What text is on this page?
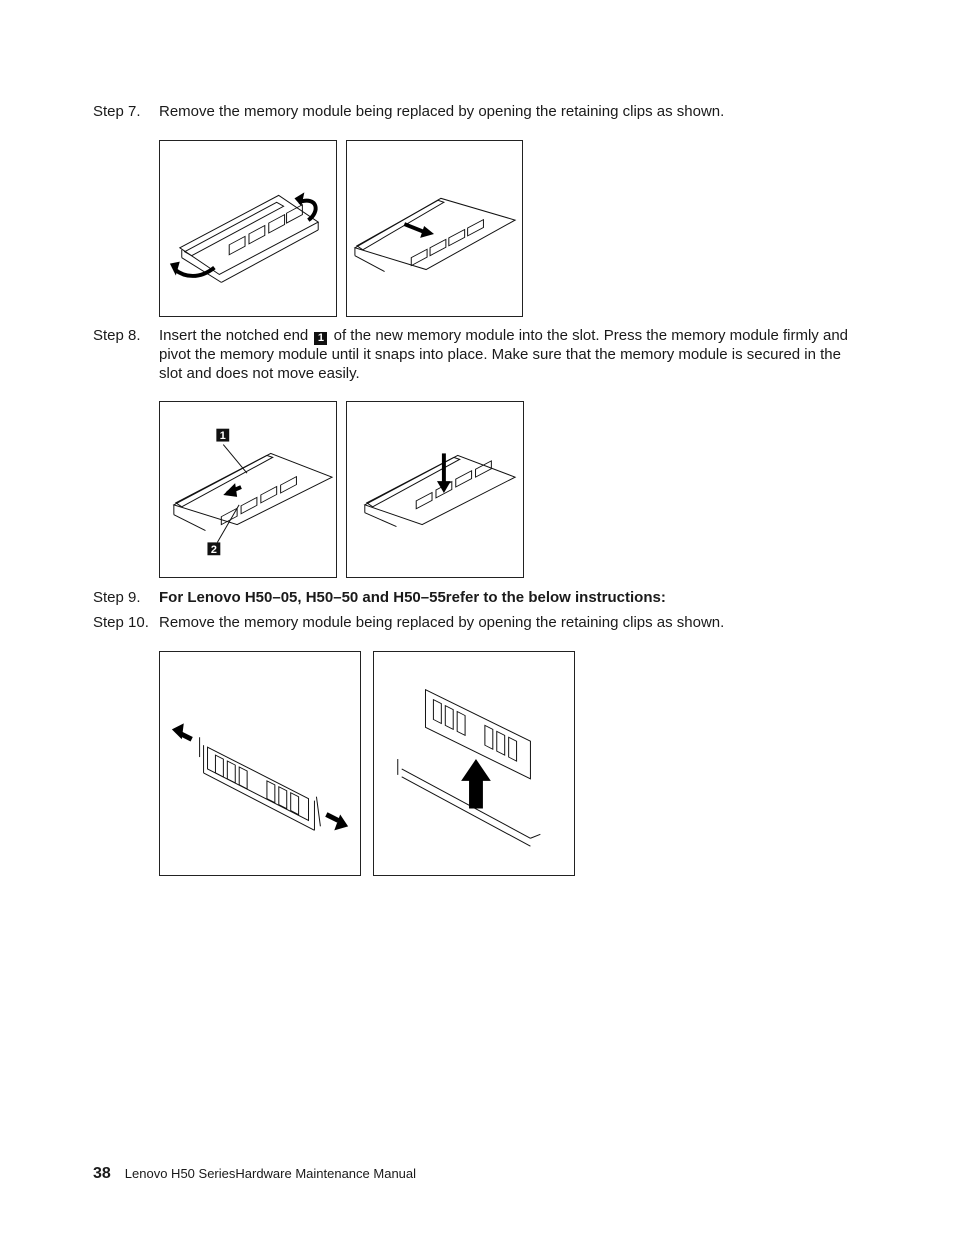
Step 7.	Remove the memory module being replaced by opening the retaining clips as shown.
Step 8.	Insert the notched end 1 of the new memory module into the slot. Press the memory module firmly and pivot the memory module until it snaps into place. Make sure that the memory module is secured in the slot and does not move easily.
1
2
Step 9.	For Lenovo H50–05, H50–50 and H50–55refer to the below instructions:
Step 10. Remove the memory module being replaced by opening the retaining clips as shown.
38 Lenovo H50 SeriesHardware Maintenance Manual
